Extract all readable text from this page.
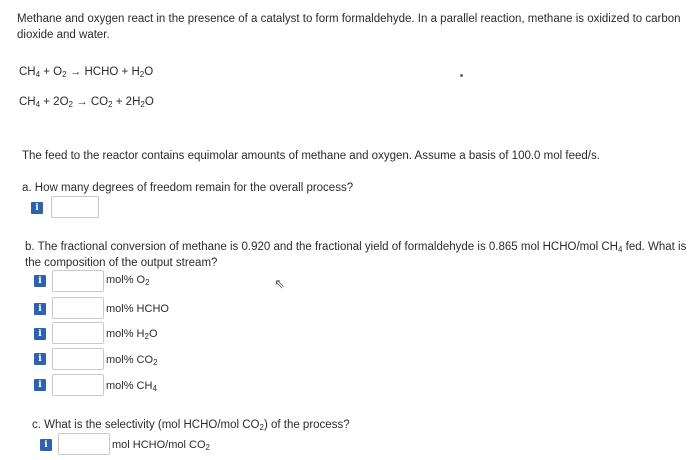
Methane and oxygen react in the presence of a catalyst to form formaldehyde. In a parallel reaction, methane is oxidized to carbon dioxide and water.
$CH_4 + O_2$ → HCHO + $H_2O$
$CH_4 + 2O_2 \to CO_2 + 2H_2O$
The feed to the reactor contains equimolar amounts of methane and oxygen. Assume a basis of 100.0 mol feed/s.
a. How many degrees of freedom remain for the overall process?
i
b. The fractional conversion of methane is 0.920 and the fractional yield of formaldehyde is 0.865 mol HCHO/mol $CH_4$ fed. What is the composition of the output stream?
i	mol% $O_2$
i	mol% HCHO
i	mol% $H_2O$
i	mol% $CO_2$
i	mol% $CH_4$
⇖
c. What is the selectivity (mol HCHO/mol $CO_2$) of the process?
i	mol HCHO/mol $CO_2$
